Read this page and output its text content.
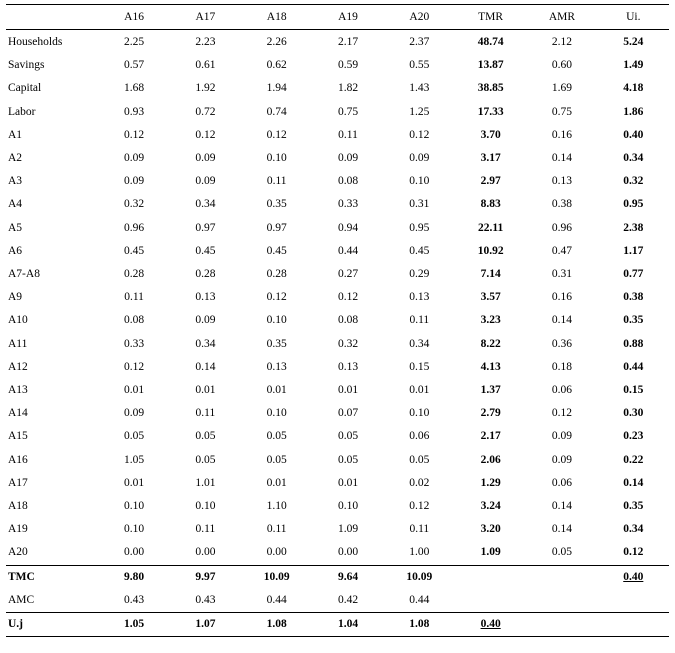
	A16	A17	A18	A19	A20	TMR	AMR	Ui.
Households	2.25	2.23	2.26	2.17	2.37	48.74	2.12	5.24
Savings	0.57	0.61	0.62	0.59	0.55	13.87	0.60	1.49
Capital	1.68	1.92	1.94	1.82	1.43	38.85	1.69	4.18
Labor	0.93	0.72	0.74	0.75	1.25	17.33	0.75	1.86
A1	0.12	0.12	0.12	0.11	0.12	3.70	0.16	0.40
A2	0.09	0.09	0.10	0.09	0.09	3.17	0.14	0.34
A3	0.09	0.09	0.11	0.08	0.10	2.97	0.13	0.32
A4	0.32	0.34	0.35	0.33	0.31	8.83	0.38	0.95
A5	0.96	0.97	0.97	0.94	0.95	22.11	0.96	2.38
A6	0.45	0.45	0.45	0.44	0.45	10.92	0.47	1.17
A7-A8	0.28	0.28	0.28	0.27	0.29	7.14	0.31	0.77
A9	0.11	0.13	0.12	0.12	0.13	3.57	0.16	0.38
A10	0.08	0.09	0.10	0.08	0.11	3.23	0.14	0.35
A11	0.33	0.34	0.35	0.32	0.34	8.22	0.36	0.88
A12	0.12	0.14	0.13	0.13	0.15	4.13	0.18	0.44
A13	0.01	0.01	0.01	0.01	0.01	1.37	0.06	0.15
A14	0.09	0.11	0.10	0.07	0.10	2.79	0.12	0.30
A15	0.05	0.05	0.05	0.05	0.06	2.17	0.09	0.23
A16	1.05	0.05	0.05	0.05	0.05	2.06	0.09	0.22
A17	0.01	1.01	0.01	0.01	0.02	1.29	0.06	0.14
A18	0.10	0.10	1.10	0.10	0.12	3.24	0.14	0.35
A19	0.10	0.11	0.11	1.09	0.11	3.20	0.14	0.34
A20	0.00	0.00	0.00	0.00	1.00	1.09	0.05	0.12
TMC	9.80	9.97	10.09	9.64	10.09			0.40
AMC	0.43	0.43	0.44	0.42	0.44			
U.j	1.05	1.07	1.08	1.04	1.08	0.40		
